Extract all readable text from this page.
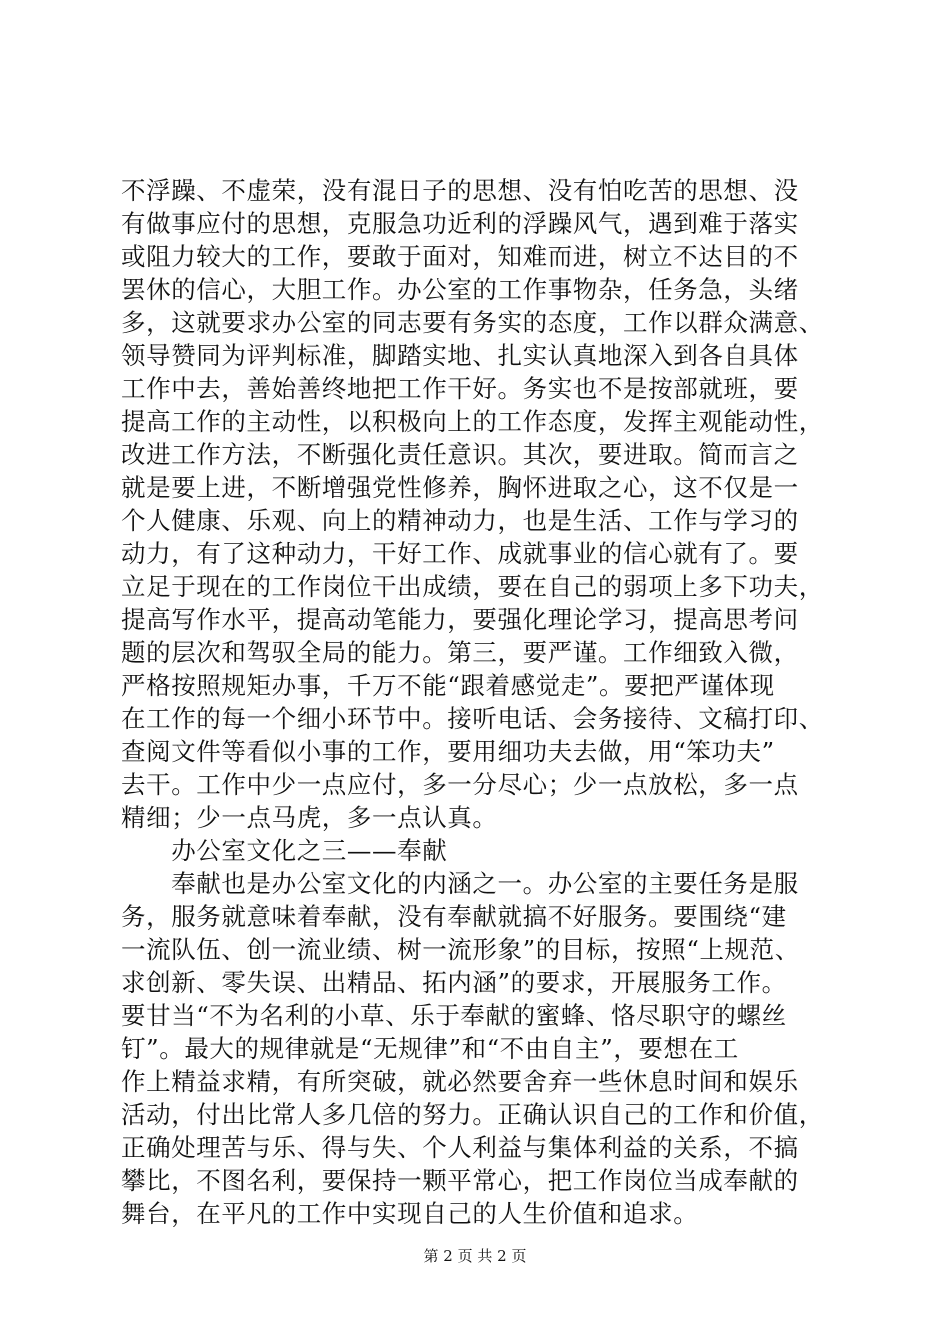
不浮躁、不虚荣，没有混日子的思想、没有怕吃苦的思想、没
有做事应付的思想，克服急功近利的浮躁风气，遇到难于落实
或阻力较大的工作，要敢于面对，知难而进，树立不达目的不
罢休的信心，大胆工作。办公室的工作事物杂，任务急，头绪
多，这就要求办公室的同志要有务实的态度，工作以群众满意、
领导赞同为评判标准，脚踏实地、扎实认真地深入到各自具体
工作中去，善始善终地把工作干好。务实也不是按部就班，要
提高工作的主动性，以积极向上的工作态度，发挥主观能动性，
改进工作方法，不断强化责任意识。其次，要进取。简而言之
就是要上进，不断增强党性修养，胸怀进取之心，这不仅是一
个人健康、乐观、向上的精神动力，也是生活、工作与学习的
动力，有了这种动力，干好工作、成就事业的信心就有了。要
立足于现在的工作岗位干出成绩，要在自己的弱项上多下功夫，
提高写作水平，提高动笔能力，要强化理论学习，提高思考问
题的层次和驾驭全局的能力。第三，要严谨。工作细致入微，
严格按照规矩办事，千万不能“跟着感觉走”。要把严谨体现
在工作的每一个细小环节中。接听电话、会务接待、文稿打印、
查阅文件等看似小事的工作，要用细功夫去做，用“笨功夫”
去干。工作中少一点应付，多一分尽心；少一点放松，多一点
精细；少一点马虎，多一点认真。
　　办公室文化之三——奉献
　　奉献也是办公室文化的内涵之一。办公室的主要任务是服
务，服务就意味着奉献，没有奉献就搞不好服务。要围绕“建
一流队伍、创一流业绩、树一流形象”的目标，按照“上规范、
求创新、零失误、出精品、拓内涵”的要求，开展服务工作。
要甘当“不为名利的小草、乐于奉献的蜜蜂、恪尽职守的螺丝
钉”。最大的规律就是“无规律”和“不由自主”，要想在工
作上精益求精，有所突破，就必然要舍弃一些休息时间和娱乐
活动，付出比常人多几倍的努力。正确认识自己的工作和价值，
正确处理苦与乐、得与失、个人利益与集体利益的关系，不搞
攀比，不图名利，要保持一颗平常心，把工作岗位当成奉献的
舞台，在平凡的工作中实现自己的人生价值和追求。
第 2 页 共 2 页
